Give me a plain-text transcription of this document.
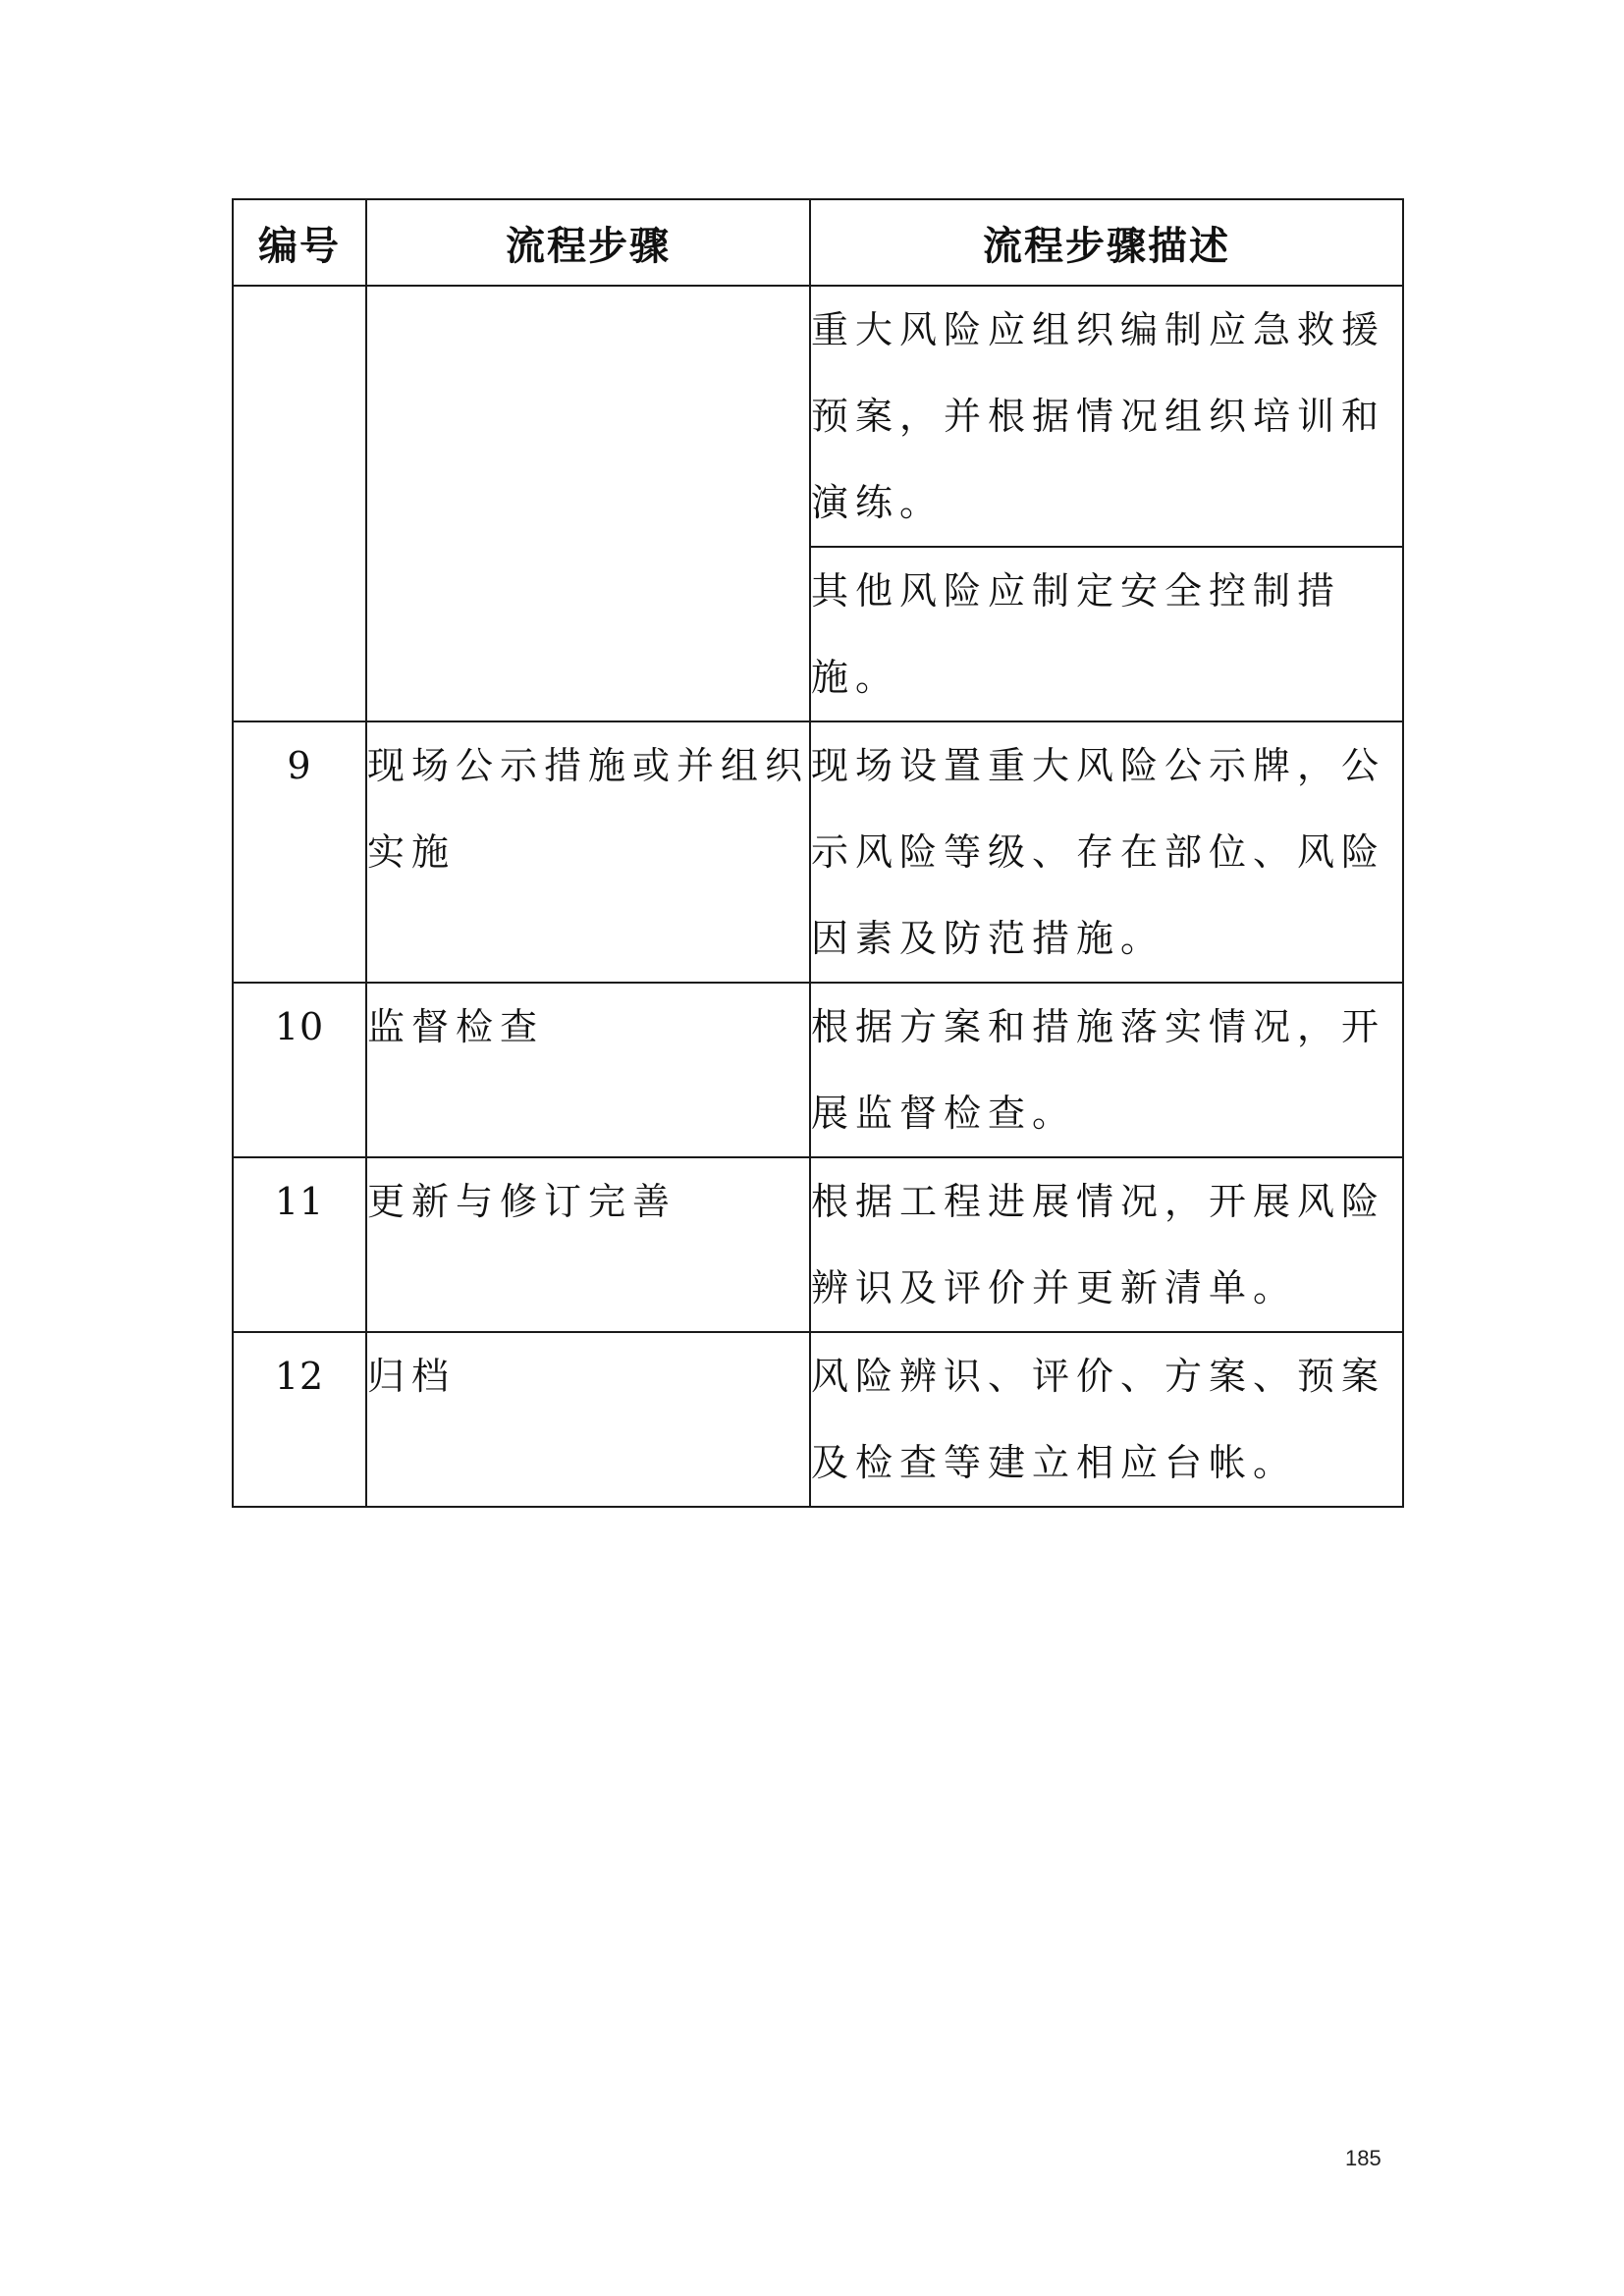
编号	流程步骤	流程步骤描述
		重大风险应组织编制应急救援预案，并根据情况组织培训和演练。
		其他风险应制定安全控制措施。
9	现场公示措施或并组织实施	现场设置重大风险公示牌，公示风险等级、存在部位、风险因素及防范措施。
10	监督检查	根据方案和措施落实情况，开展监督检查。
11	更新与修订完善	根据工程进展情况，开展风险辨识及评价并更新清单。
12	归档	风险辨识、评价、方案、预案及检查等建立相应台帐。
185
